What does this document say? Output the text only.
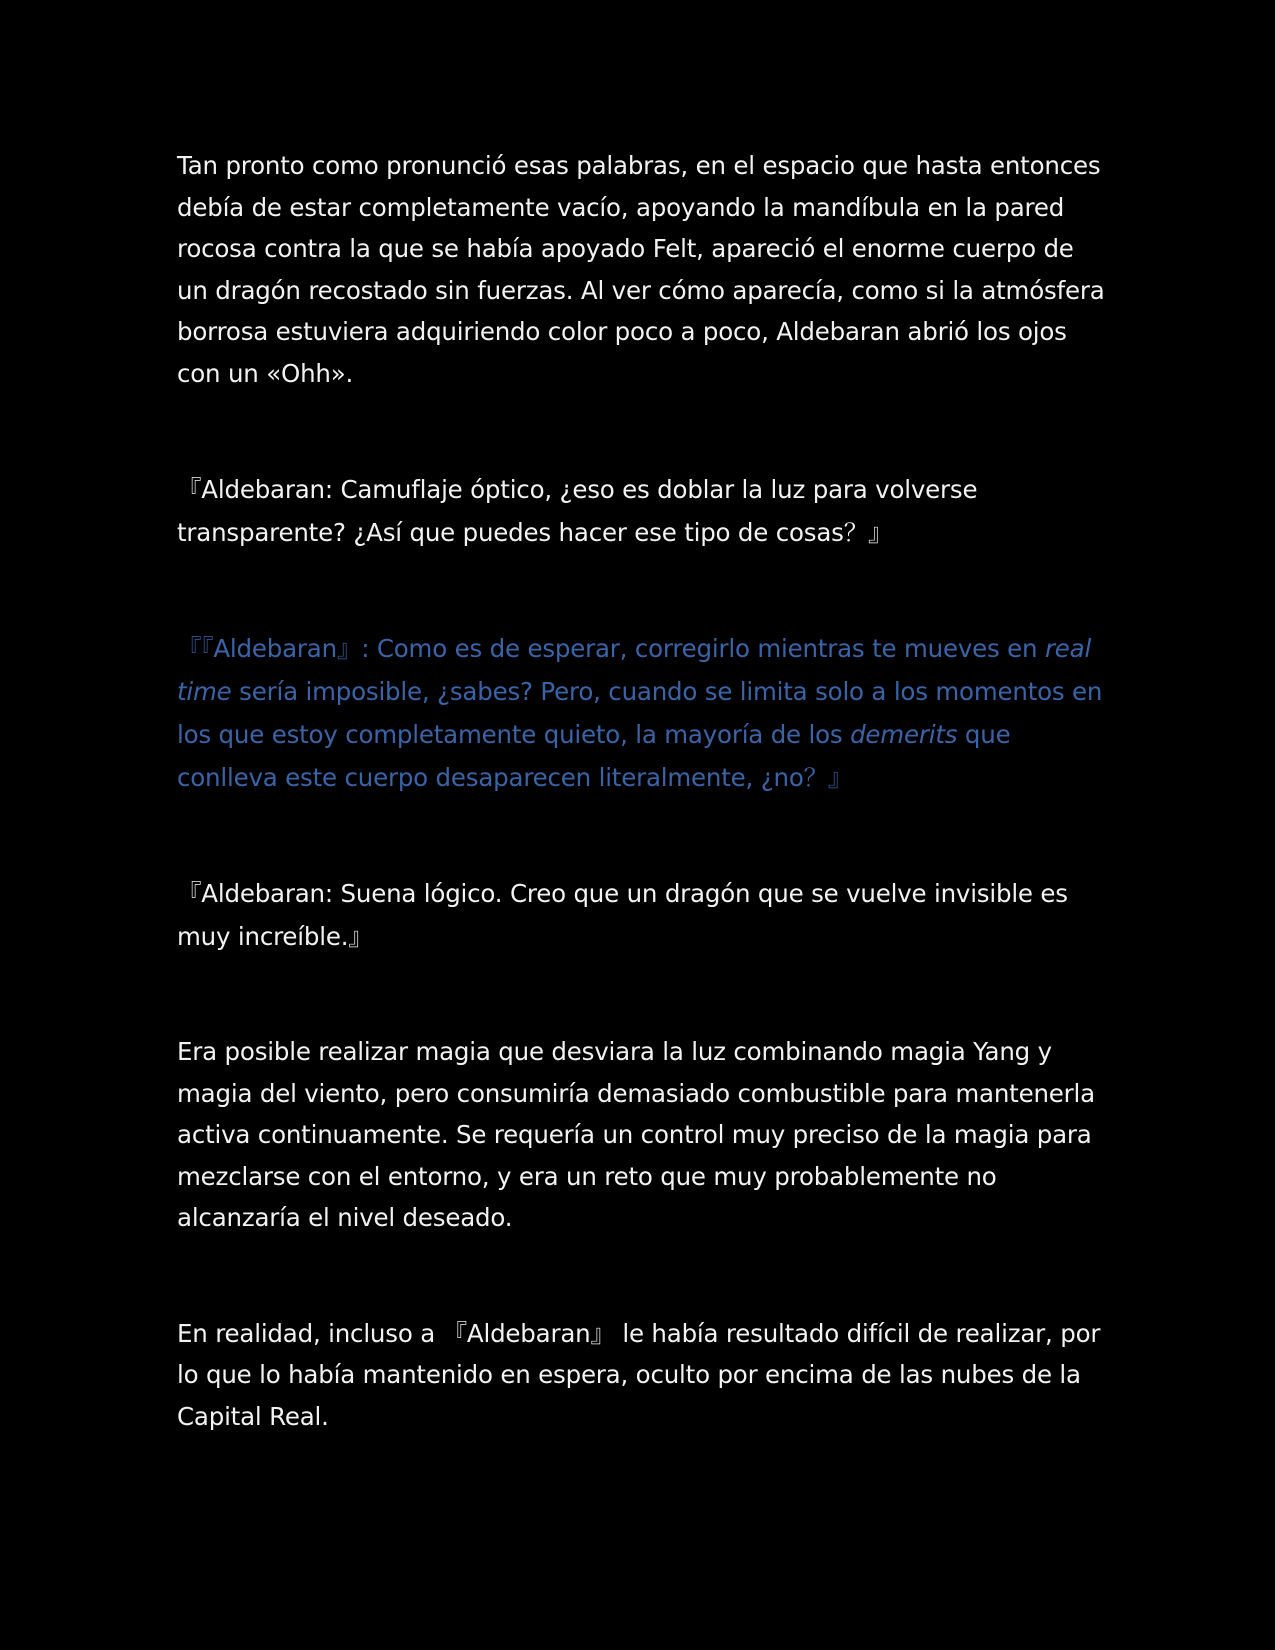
Tan pronto como pronunció esas palabras, en el espacio que hasta entonces debía de estar completamente vacío, apoyando la mandíbula en la pared rocosa contra la que se había apoyado Felt, apareció el enorme cuerpo de un dragón recostado sin fuerzas. Al ver cómo aparecía, como si la atmósfera borrosa estuviera adquiriendo color poco a poco, Aldebaran abrió los ojos con un «Ohh».

『Aldebaran: Camuflaje óptico, ¿eso es doblar la luz para volverse transparente? ¿Así que puedes hacer ese tipo de cosas？』

『『Aldebaran』: Como es de esperar, corregirlo mientras te mueves en real time sería imposible, ¿sabes? Pero, cuando se limita solo a los momentos en los que estoy completamente quieto, la mayoría de los demerits que conlleva este cuerpo desaparecen literalmente, ¿no？』

『Aldebaran: Suena lógico. Creo que un dragón que se vuelve invisible es muy increíble.』

Era posible realizar magia que desviara la luz combinando magia Yang y magia del viento, pero consumiría demasiado combustible para mantenerla activa continuamente. Se requería un control muy preciso de la magia para mezclarse con el entorno, y era un reto que muy probablemente no alcanzaría el nivel deseado.

En realidad, incluso a 『Aldebaran』 le había resultado difícil de realizar, por lo que lo había mantenido en espera, oculto por encima de las nubes de la Capital Real.
